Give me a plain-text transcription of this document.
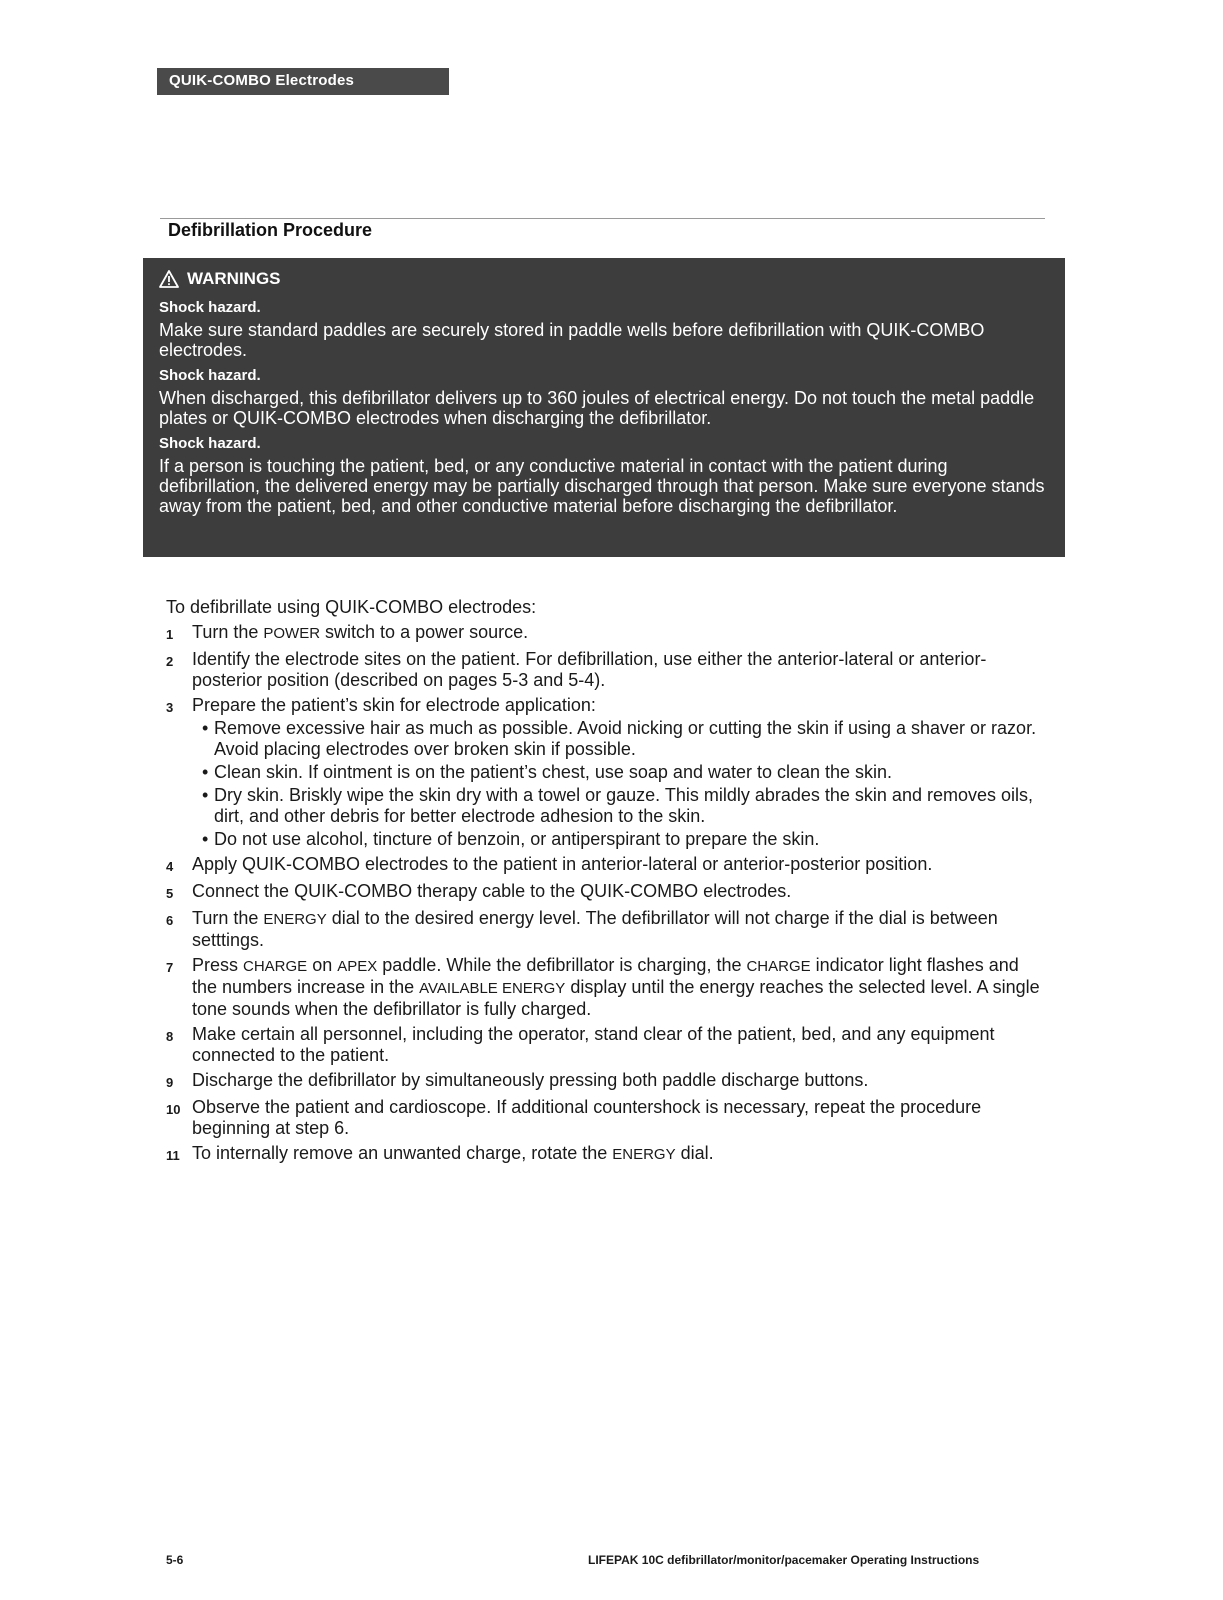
QUIK-COMBO Electrodes
Defibrillation Procedure
WARNINGS
Shock hazard.
Make sure standard paddles are securely stored in paddle wells before defibrillation with QUIK-COMBO electrodes.
Shock hazard.
When discharged, this defibrillator delivers up to 360 joules of electrical energy. Do not touch the metal paddle plates or QUIK-COMBO electrodes when discharging the defibrillator.
Shock hazard.
If a person is touching the patient, bed, or any conductive material in contact with the patient during defibrillation, the delivered energy may be partially discharged through that person. Make sure everyone stands away from the patient, bed, and other conductive material before discharging the defibrillator.
To defibrillate using QUIK-COMBO electrodes:
1	Turn the POWER switch to a power source.
2	Identify the electrode sites on the patient. For defibrillation, use either the anterior-lateral or anterior-posterior position (described on pages 5-3 and 5-4).
3	Prepare the patient’s skin for electrode application:
• Remove excessive hair as much as possible. Avoid nicking or cutting the skin if using a shaver or razor. Avoid placing electrodes over broken skin if possible.
• Clean skin. If ointment is on the patient’s chest, use soap and water to clean the skin.
• Dry skin. Briskly wipe the skin dry with a towel or gauze. This mildly abrades the skin and removes oils, dirt, and other debris for better electrode adhesion to the skin.
• Do not use alcohol, tincture of benzoin, or antiperspirant to prepare the skin.
4	Apply QUIK-COMBO electrodes to the patient in anterior-lateral or anterior-posterior position.
5	Connect the QUIK-COMBO therapy cable to the QUIK-COMBO electrodes.
6	Turn the ENERGY dial to the desired energy level. The defibrillator will not charge if the dial is between setttings.
7	Press CHARGE on APEX paddle. While the defibrillator is charging, the CHARGE indicator light flashes and the numbers increase in the AVAILABLE ENERGY display until the energy reaches the selected level. A single tone sounds when the defibrillator is fully charged.
8	Make certain all personnel, including the operator, stand clear of the patient, bed, and any equipment connected to the patient.
9	Discharge the defibrillator by simultaneously pressing both paddle discharge buttons.
10 Observe the patient and cardioscope. If additional countershock is necessary, repeat the procedure beginning at step 6.
11 To internally remove an unwanted charge, rotate the ENERGY dial.
5-6	LIFEPAK 10C defibrillator/monitor/pacemaker Operating Instructions
